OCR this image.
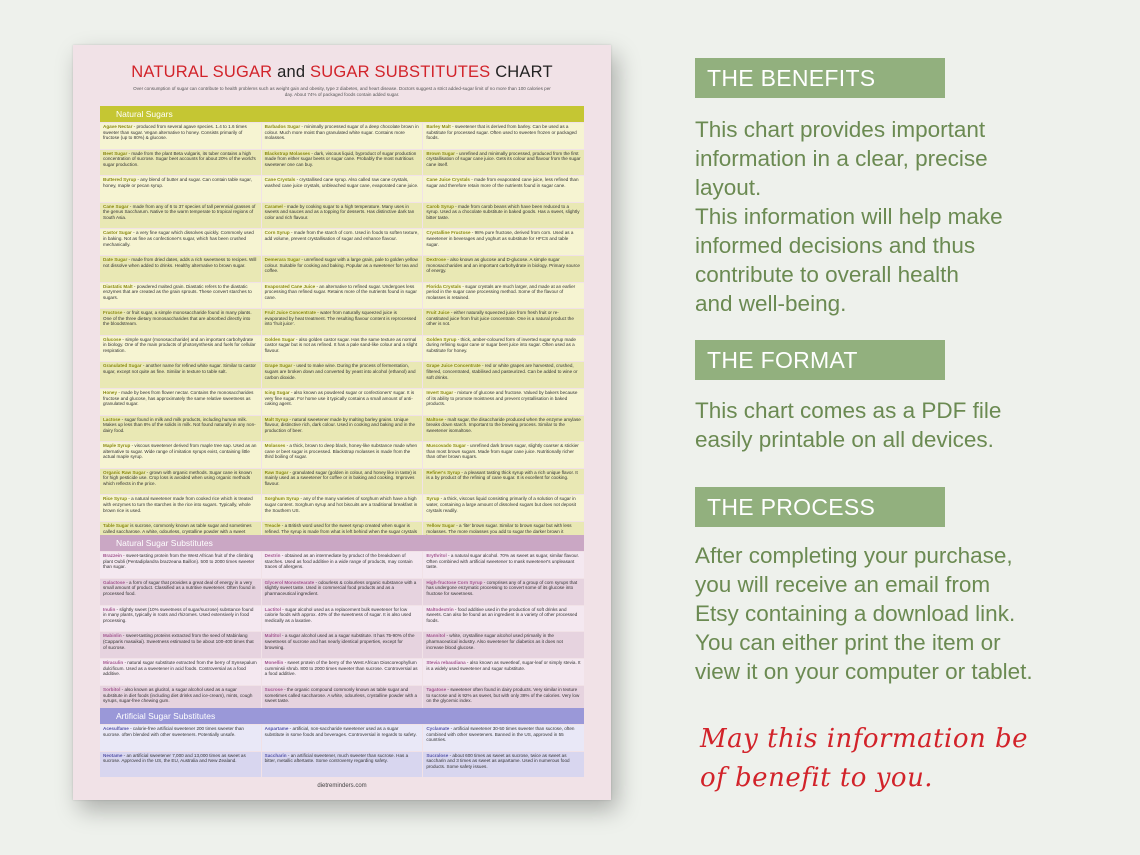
NATURAL SUGAR and SUGAR SUBSTITUTES CHART
Over consumption of sugar can contribute to health problems such as weight gain and obesity, type 2 diabetes, and heart disease. Doctors suggest a strict added-sugar limit of no more than 100 calories per day. About 74% of packaged foods contain added sugar.
Natural Sugars
Agave Nectar - produced from several agave species. 1.4 to 1.6 times sweeter than sugar. Vegan alternative to honey. Consists primarily of fructose (up to 80%) & glucose.
Barbados Sugar - minimally processed sugar of a deep chocolate brown in colour. Much more moist than granulated white sugar. Contains more molasses.
Barley Malt - sweetener that is derived from barley. Can be used as a substitute for processed sugar. Often used to sweeten frozen or packaged foods.
Beet Sugar - made from the plant Beta vulgaris, its tuber contains a high concentration of sucrose. Sugar beet accounts for about 20% of the world's sugar production.
Blackstrap Molasses - dark, viscous liquid, byproduct of sugar production made from either sugar beets or sugar cane. Probably the most nutritious sweetener one can buy.
Brown Sugar - unrefined and minimally processed, produced from the first crystallisation of sugar cane juice. Gets its colour and flavour from the sugar cane itself.
Buttered Syrup - any blend of butter and sugar. Can contain table sugar, honey, maple or pecan syrup.
Cane Crystals - crystallised cane syrup. Also called raw cane crystals, washed cane juice crystals, unbleached sugar cane, evaporated cane juice.
Cane Juice Crystals - made from evaporated cane juice, less refined than sugar and therefore retain more of the nutrients found in sugar cane.
Cane Sugar - made from any of 6 to 37 species of tall perennial grasses of the genus Saccharum. Native to the warm temperate to tropical regions of South Asia.
Caramel - made by cooking sugar to a high temperature. Many uses in sweets and sauces and as a topping for desserts. Has distinctive dark tan color and rich flavour.
Carob Syrup - made from carob beans which have been reduced to a syrup. Used as a chocolate substitute in baked goods. Has a sweet, slightly bitter taste.
Castor Sugar - a very fine sugar which dissolves quickly. Commonly used in baking. Not as fine as confectioner's sugar, which has been crushed mechanically.
Corn Syrup - made from the starch of corn. Used in foods to soften texture, add volume, prevent crystallisation of sugar and enhance flavour.
Crystalline Fructose - 98% pure fructose, derived from corn. Used as a sweetener in beverages and yoghurt as substitute for HFCS and table sugar.
Date Sugar - made from dried dates, adds a rich sweetness to recipes. Will not dissolve when added to drinks. Healthy alternative to brown sugar.
Demerara Sugar - unrefined sugar with a large grain, pale to golden yellow colour. Suitable for cooking and baking. Popular as a sweetener for tea and coffee.
Dextrose - also known as glucose and D-glucose. A simple sugar monosaccharides and an important carbohydrate in biology. Primary source of energy.
Diastatic Malt - powdered malted grain. Diastatic refers to the diastatic enzymes that are created as the grain sprouts. These convert starches to sugars.
Evaporated Cane Juice - an alternative to refined sugar. Undergoes less processing than refined sugar. Retains more of the nutrients found in sugar cane.
Florida Crystals - sugar crystals are much larger, and made at an earlier period in the sugar cane processing method. Some of the flavour of molasses is retained.
Fructose - or fruit sugar, a simple monosaccharide found in many plants. One of the three dietary monosaccharides that are absorbed directly into the bloodstream.
Fruit Juice Concentrate - water from naturally squeezed juice is evaporated by heat treatment. The resulting flavour content is reprocessed into 'fruit juice'.
Fruit Juice - either naturally squeezed juice from fresh fruit or re-constituted juice from fruit juice concentrate. One is a natural product the other is not.
Glucose - simple sugar (monosaccharide) and an important carbohydrate in biology. One of the main products of photosynthesis and fuels for cellular respiration.
Golden Sugar - also golden castor sugar. Has the same texture as normal castor sugar but is not as refined. It has a pale sand-like colour and a slight flavour.
Golden Syrup - thick, amber-coloured form of inverted sugar syrup made during refining sugar cane or sugar beet juice into sugar. Often used as a substitute for honey.
Granulated Sugar - another name for refined white sugar. Similar to castor sugar, except not quite as fine. Similar in texture to table salt.
Grape Sugar - used to make wine. During the process of fermentation, sugars are broken down and converted by yeast into alcohol (ethanol) and carbon dioxide.
Grape Juice Concentrate - red or white grapes are harvested, crushed, filtered, concentrated, stabilised and pasteurized. Can be added to wine or soft drinks.
Honey - made by bees from flower nectar. Contains the monosaccharides fructose and glucose, has approximately the same relative sweetness as granulated sugar.
Icing Sugar - also known as powdered sugar or confectioners' sugar. It is very fine sugar. For home use it typically contains a small amount of anti-caking agent.
Invert Sugar - mixture of glucose and fructose. Valued by bakers because of its ability to promote moistness and prevent crystallisation in baked products.
Lactose - sugar found in milk and milk products, including human milk. Makes up less than 8% of the solids in milk. Not found naturally in any non-dairy food.
Malt Syrup - natural sweetener made by malting barley grains. Unique flavour, distinctive rich, dark colour. Used in cooking and baking and in the production of beer.
Maltose - malt sugar, the disaccharide produced when the enzyme amylase breaks down starch. Important to the brewing process. Similar to the sweetener isomaltose.
Maple Syrup - viscous sweetener derived from maple tree sap. Used as an alternative to sugar. Wide range of imitation syrups exist, containing little actual maple syrup.
Molasses - a thick, brown to deep black, honey-like substance made when cane or beet sugar is processed. Blackstrap molasses is made from the third boiling of sugar.
Muscovado Sugar - unrefined dark brown sugar, slightly coarser & stickier than most brown sugars. Made from sugar cane juice. Nutritionally richer than other brown sugars.
Organic Raw Sugar - grown with organic methods. Sugar cane is known for high pesticide use. Crop loss is avoided when using organic methods which reflects in the price.
Raw Sugar - granulated sugar (golden in colour, and honey like in taste) is mainly used as a sweetener for coffee or in baking and cooking. Improves flavour.
Refiner's Syrup - a pleasant tasting thick syrup with a rich unique flavor. It is a by product of the refining of cane sugar. It is excellent for cooking.
Rice Syrup - a natural sweetener made from cooked rice which is treated with enzymes to turn the starches in the rice into sugars. Typically, whole brown rice is used.
Sorghum Syrup - any of the many varieties of sorghum which have a high sugar content. Sorghum syrup and hot biscuits are a traditional breakfast in the Southern US.
Syrup - a thick, viscous liquid consisting primarily of a solution of sugar in water, containing a large amount of dissolved sugars but does not deposit crystals readily.
Table Sugar is sucrose, commonly known as table sugar and sometimes called saccharose. A white, odourless, crystalline powder with a sweet
Treacle - a British word used for the sweet syrup created when sugar is refined. The syrup is made from what is left behind when the sugar crystals
Yellow Sugar - a 'lite' brown sugar. Similar to brown sugar but with less molasses. The more molasses you add to sugar the darker brown it
Natural Sugar Substitutes
Brazzein - sweet-tasting protein from the West African fruit of the climbing plant Oubli (Pentadiplandra brazzeana Baillon). 500 to 2000 times sweeter than sugar.
Dextrin - obtained as an intermediate by product of the breakdown of starches. Used as food additive in a wide range of products, may contain traces of allergens.
Erythritol - a natural sugar alcohol. 70% as sweet as sugar, similar flavour. Often combined with artificial sweetener to mask sweetener's unpleasant taste.
Galactose - a form of sugar that provides a great deal of energy in a very small amount of product. Classified as a nutritive sweetener. Often found in processed food.
Glycerol Monostearate - odourless & colourless organic substance with a slightly sweet taste. Used in commercial food products and as a pharmaceutical ingredient.
High-fructose Corn Syrup - comprises any of a group of corn syrups that has undergone enzymatic processing to convert some of its glucose into fructose for sweetness.
Inulin - slightly sweet (10% sweetness of sugar/sucrose) substance found in many plants, typically in roots and rhizomes. Used extensively in food processing.
Lactitol - sugar alcohol used as a replacement bulk sweetener for low calorie foods with approx. 40% of the sweetness of sugar. It is also used medically as a laxative.
Maltodextrin - food additive used in the production of soft drinks and sweets. Can also be found as an ingredient in a variety of other processed foods.
Mabinlin - sweet-tasting proteins extracted from the seed of Mabinlang (Capparis masaikai). Sweetness estimated to be about 100-400 times that of sucrose.
Maltitol - a sugar alcohol used as a sugar substitute. It has 75-90% of the sweetness of sucrose and has nearly identical properties, except for browning.
Mannitol - white, crystalline sugar alcohol used primarily in the pharmaceutical industry. Also sweetener for diabetics as it does not increase blood glucose.
Miraculin - natural sugar substitute extracted from the berry of Synsepalum dulcificum. Used as a sweetener in acid foods. Controversial as a food additive.
Monellin - sweet protein of the berry of the West African Dioscoreophyllum cumminsii shrub. 800 to 2000 times sweeter than sucrose. Controversial as a food additive.
Stevia rebaudiana - also known as sweetleaf, sugar-leaf or simply stevia. It is a widely used sweetener and sugar substitute.
Sorbitol - also known as glucitol, a sugar alcohol used as a sugar substitute in diet foods (including diet drinks and ice-cream), mints, cough syrups, sugar-free chewing gum.
Sucrose - the organic compound commonly known as table sugar and sometimes called saccharose. A white, odourless, crystalline powder with a sweet taste.
Tagatose - sweetener often found in dairy products. Very similar in texture to sucrose and is 92% as sweet, but with only 38% of the calories. Very low on the glycemic index.
Artificial Sugar Substitutes
Acesulfame - calorie-free artificial sweetener 200 times sweeter than sucrose. often blended with other sweeteners. Potentially unsafe.
Aspartame - artificial, non-saccharide sweetener used as a sugar substitute in some foods and beverages. Controversial in regards to safety.
Cyclamate - artificial sweetener 30-50 times sweeter than sucrose, often combined with other sweeteners. Banned in the US, approved in 55 countries.
Neotame - an artificial sweetener 7,000 and 13,000 times as sweet as sucrose. Approved in the US, the EU, Australia and New Zealand.
Saccharin - an artificial sweetener, much sweeter than sucrose. Has a bitter, metallic aftertaste. Some controversy regarding safety.
Sucralose - about 600 times as sweet as sucrose, twice as sweet as saccharin and 3 times as sweet as aspartame. Used in numerous food products. Some safety issues.
dietreminders.com
THE BENEFITS
This chart provides important
information in a clear, precise
layout.
This information will help make
informed decisions and thus
contribute to overall health
and well-being.
THE FORMAT
This chart comes as a PDF file
easily printable on all devices.
THE PROCESS
After completing your purchase,
you will receive an email from
Etsy containing a download link.
You can either print the item or
view it on your computer or tablet.
May this information be
of benefit to you.
